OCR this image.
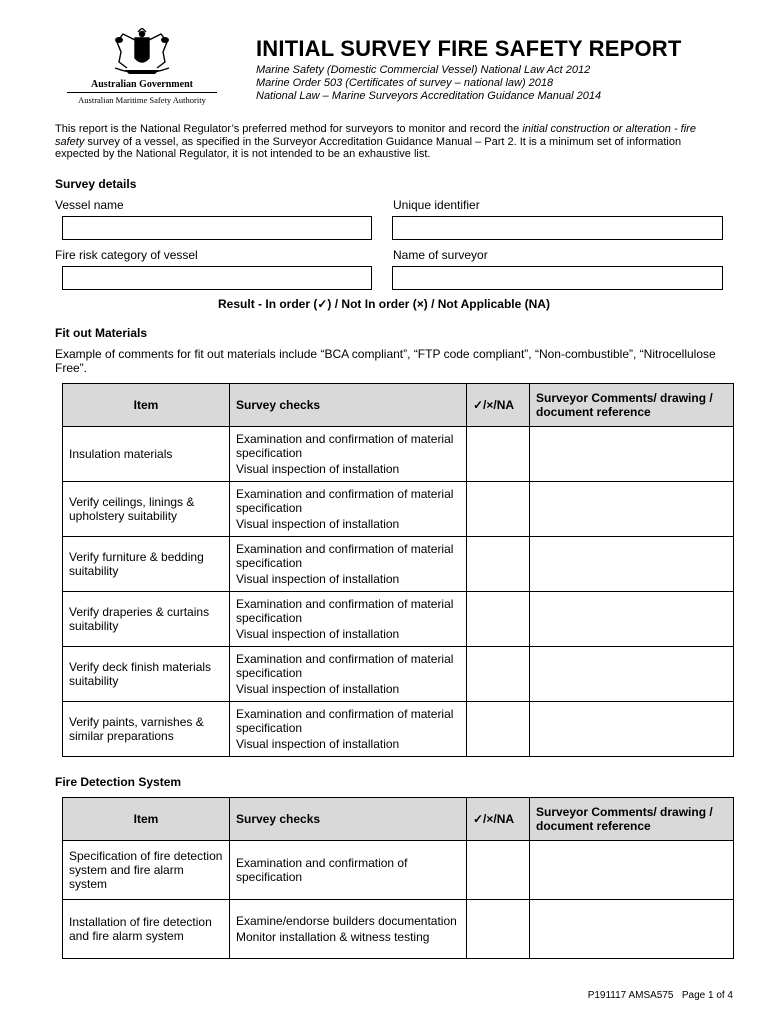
Australian Government
Australian Maritime Safety Authority
INITIAL SURVEY FIRE SAFETY REPORT
Marine Safety (Domestic Commercial Vessel) National Law Act 2012
Marine Order 503 (Certificates of survey – national law) 2018
National Law – Marine Surveyors Accreditation Guidance Manual 2014
This report is the National Regulator’s preferred method for surveyors to monitor and record the initial construction or alteration - fire safety survey of a vessel, as specified in the Surveyor Accreditation Guidance Manual – Part 2. It is a minimum set of information expected by the National Regulator, it is not intended to be an exhaustive list.
Survey details
Vessel name	Unique identifier
Fire risk category of vessel	Name of surveyor
Result - In order (✓) / Not In order (×) / Not Applicable (NA)
Fit out Materials
Example of comments for fit out materials include “BCA compliant”, “FTP code compliant”, “Non-combustible”, “Nitrocellulose Free”.
Item	Survey checks	✓/×/NA	Surveyor Comments/ drawing / document reference
Insulation materials	Examination and confirmation of material specification
Visual inspection of installation		

Verify ceilings, linings & upholstery suitability	Examination and confirmation of material specification
Visual inspection of installation		

Verify furniture & bedding suitability	Examination and confirmation of material specification
Visual inspection of installation		

Verify draperies & curtains suitability	Examination and confirmation of material specification
Visual inspection of installation		

Verify deck finish materials suitability	Examination and confirmation of material specification
Visual inspection of installation		

Verify paints, varnishes & similar preparations	Examination and confirmation of material specification
Visual inspection of installation		

Fire Detection System
Item	Survey checks	✓/×/NA	Surveyor Comments/ drawing / document reference
Specification of fire detection system and fire alarm system	Examination and confirmation of specification		

Installation of fire detection and fire alarm system	Examine/endorse builders documentation
Monitor installation & witness testing		

P191117 AMSA575 Page 1 of 4
